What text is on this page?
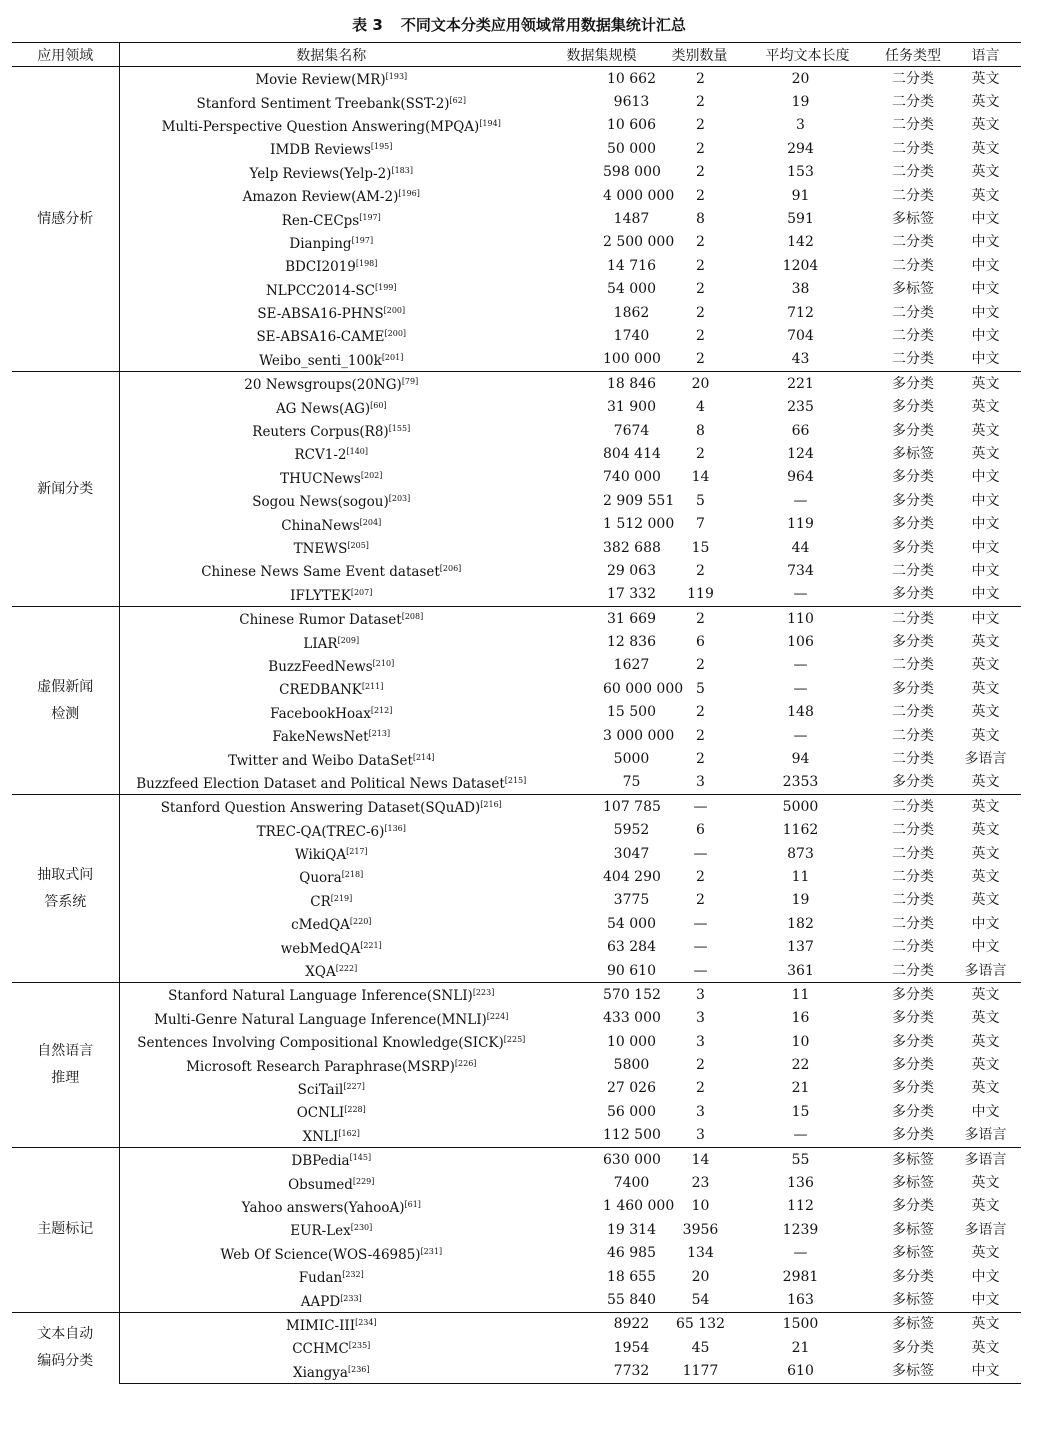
表 3 不同文本分类应用领域常用数据集统计汇总
应用领域	数据集名称	数据集规模	类别数量	平均文本长度	任务类型	语言
情感分析	Movie Review(MR)[193]	10 662	2	20	二分类	英文
	Stanford Sentiment Treebank(SST-2)[62]	9613	2	19	二分类	英文
	Multi-Perspective Question Answering(MPQA)[194]	10 606	2	3	二分类	英文
	IMDB Reviews[195]	50 000	2	294	二分类	英文
	Yelp Reviews(Yelp-2)[183]	598 000	2	153	二分类	英文
	Amazon Review(AM-2)[196]	4 000 000	2	91	二分类	英文
	Ren-CECps[197]	1487	8	591	多标签	中文
	Dianping[197]	2 500 000	2	142	二分类	中文
	BDCI2019[198]	14 716	2	1204	二分类	中文
	NLPCC2014-SC[199]	54 000	2	38	多标签	中文
	SE-ABSA16-PHNS[200]	1862	2	712	二分类	中文
	SE-ABSA16-CAME[200]	1740	2	704	二分类	中文
	Weibo_senti_100k[201]	100 000	2	43	二分类	中文
新闻分类	20 Newsgroups(20NG)[79]	18 846	20	221	多分类	英文
	AG News(AG)[60]	31 900	4	235	多分类	英文
	Reuters Corpus(R8)[155]	7674	8	66	多分类	英文
	RCV1-2[140]	804 414	2	124	多标签	英文
	THUCNews[202]	740 000	14	964	多分类	中文
	Sogou News(sogou)[203]	2 909 551	5	—	多分类	中文
	ChinaNews[204]	1 512 000	7	119	多分类	中文
	TNEWS[205]	382 688	15	44	多分类	中文
	Chinese News Same Event dataset[206]	29 063	2	734	二分类	中文
	IFLYTEK[207]	17 332	119	—	多分类	中文
虚假新闻检测	Chinese Rumor Dataset[208]	31 669	2	110	二分类	中文
	LIAR[209]	12 836	6	106	多分类	英文
	BuzzFeedNews[210]	1627	2	—	二分类	英文
	CREDBANK[211]	60 000 000	5	—	多分类	英文
	FacebookHoax[212]	15 500	2	148	二分类	英文
	FakeNewsNet[213]	3 000 000	2	—	二分类	英文
	Twitter and Weibo DataSet[214]	5000	2	94	二分类	多语言
	Buzzfeed Election Dataset and Political News Dataset[215]	75	3	2353	多分类	英文
抽取式问答系统	Stanford Question Answering Dataset(SQuAD)[216]	107 785	—	5000	二分类	英文
	TREC-QA(TREC-6)[136]	5952	6	1162	二分类	英文
	WikiQA[217]	3047	—	873	二分类	英文
	Quora[218]	404 290	2	11	二分类	英文
	CR[219]	3775	2	19	二分类	英文
	cMedQA[220]	54 000	—	182	二分类	中文
	webMedQA[221]	63 284	—	137	二分类	中文
	XQA[222]	90 610	—	361	二分类	多语言
自然语言推理	Stanford Natural Language Inference(SNLI)[223]	570 152	3	11	多分类	英文
	Multi-Genre Natural Language Inference(MNLI)[224]	433 000	3	16	多分类	英文
	Sentences Involving Compositional Knowledge(SICK)[225]	10 000	3	10	多分类	英文
	Microsoft Research Paraphrase(MSRP)[226]	5800	2	22	多分类	英文
	SciTail[227]	27 026	2	21	多分类	英文
	OCNLI[228]	56 000	3	15	多分类	中文
	XNLI[162]	112 500	3	—	多分类	多语言
主题标记	DBPedia[145]	630 000	14	55	多标签	多语言
	Obsumed[229]	7400	23	136	多标签	英文
	Yahoo answers(YahooA)[61]	1 460 000	10	112	多分类	英文
	EUR-Lex[230]	19 314	3956	1239	多标签	多语言
	Web Of Science(WOS-46985)[231]	46 985	134	—	多标签	英文
	Fudan[232]	18 655	20	2981	多分类	中文
	AAPD[233]	55 840	54	163	多标签	中文
文本自动编码分类	MIMIC-III[234]	8922	65 132	1500	多标签	英文
	CCHMC[235]	1954	45	21	多分类	英文
	Xiangya[236]	7732	1177	610	多标签	中文
